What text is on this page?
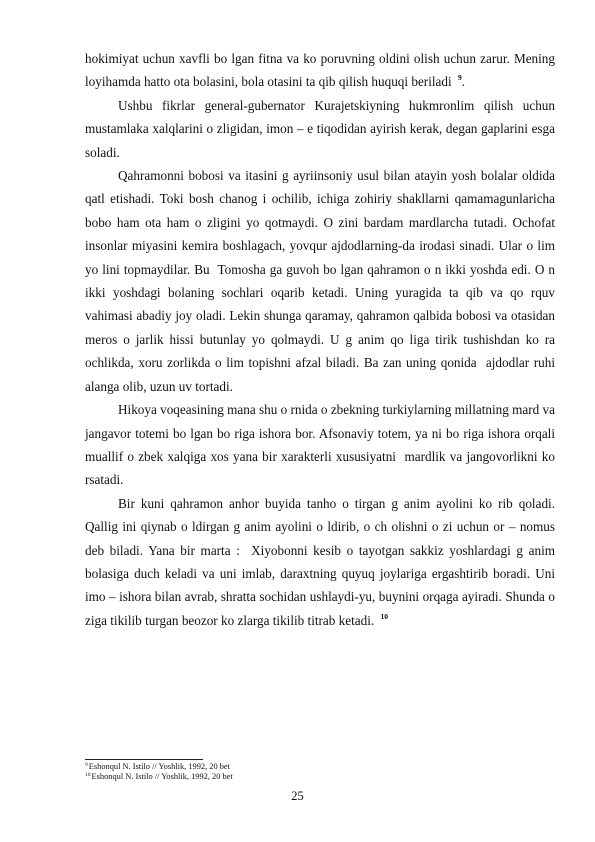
hokimiyat uchun xavfli bo‍ lgan fitna va ko‍ poruvning oldini olish uchun zarur. Mening loyihamda hatto ota bolasini, bola otasini ta‍ qib qilish huquqi beriladi‍ $^9$.

Ushbu fikrlar general-gubernator Kurajetskiyning hukmronlim qilish uchun mustamlaka xalqlarini o‍ zligidan, imon – e‍ tiqodidan ayirish kerak, degan gaplarini esga soladi.

Qahramonni bobosi va itasini g‍ ayriinsoniy usul bilan atayin yosh bolalar oldida qatl etishadi. Toki bosh chanog‍ i ochilib, ichiga zohiriy shakllarni qamamagunlaricha bobo ham ota ham o‍ zligini yo‍ qotmaydi. O‍ zini bardam mardlarcha tutadi. Ochofat insonlar miyasini kemira boshlagach, yovqur ajdodlarning-da irodasi sinadi. Ular o‍ lim yo‍ lini topmaydilar. Bu ‍ Tomosha‍ ga guvoh bo‍ lgan qahramon o‍ n ikki yoshda edi. O‍ n ikki yoshdagi bolaning sochlari oqarib ketadi. Uning yuragida ta‍ qib va qo‍ rquv vahimasi abadiy joy oladi. Lekin shunga qaramay, qahramon qalbida bobosi va otasidan meros o‍ jarlik hissi butunlay yo‍ qolmaydi. U g‍ anim qo‍ liga tirik tushishdan ko‍ ra ochlikda, xoru zorlikda o‍ lim topishni afzal biladi. Ba‍ zan uning qonida ‍ ajdodlar ruhi‍ alanga olib, uzun uv tortadi.

Hikoya voqeasining mana shu o‍ rnida o‍ zbekning turkiylarning millatning mard va jangavor totemi bo‍ lgan bo‍ riga ishora bor. Afsonaviy totem, ya‍ ni bo‍ riga ishora orqali muallif o‍ zbek xalqiga xos yana bir xarakterli xususiyatni ‍ mardlik va jangovorlikni ko‍ rsatadi.

Bir kuni qahramon anhor buyida tanho o‍ tirgan g‍ anim ayolini ko‍ rib qoladi. Qallig‍ ini qiynab o‍ ldirgan g‍ anim ayolini o‍ ldirib, o‍ ch olishni o‍ zi uchun or – nomus deb biladi. Yana bir marta : ‍ Xiyobonni kesib o‍ tayotgan sakkiz yoshlardagi g‍ anim bolasiga duch keladi va uni imlab, daraxtning quyuq joylariga ergashtirib boradi. Uni imo – ishora bilan avrab, shratta sochidan ushlaydi-yu, buynini orqaga ayiradi. Shunda o‍ ziga tikilib turgan beozor ko‍ zlarga tikilib titrab ketadi.‍ $^{10}$

$^9$Eshonqul N. Istilo // Yoshlik, 1992, 20 bet

$^{10}$Eshonqul N. Istilo // Yoshlik, 1992, 20 bet

25
